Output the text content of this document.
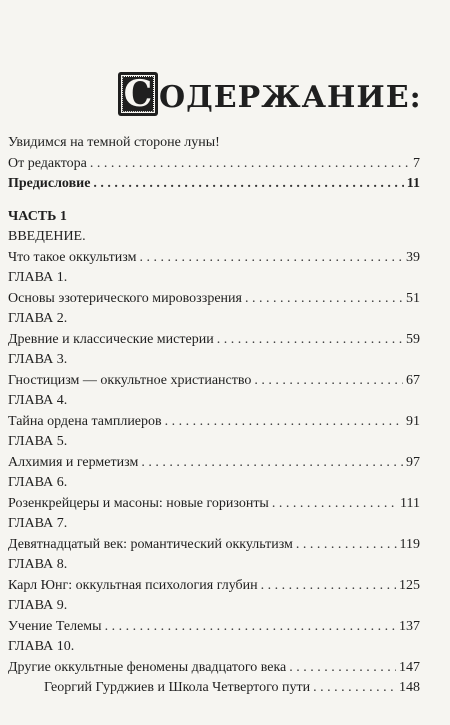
С ОДЕРЖАНИЕ:
Увидимся на темной стороне луны!
От редактора . . .	7
Предисловие . . .	11
ЧАСТЬ 1
ВВЕДЕНИЕ.
Что такое оккультизм . . .	39
ГЛАВА 1.
Основы эзотерического мировоззрения . . .	51
ГЛАВА 2.
Древние и классические мистерии . . .	59
ГЛАВА 3.
Гностицизм — оккультное христианство . . .	67
ГЛАВА 4.
Тайна ордена тамплиеров . . .	91
ГЛАВА 5.
Алхимия и герметизм . . .	97
ГЛАВА 6.
Розенкрейцеры и масоны: новые горизонты . . .	111
ГЛАВА 7.
Девятнадцатый век: романтический оккультизм . . .	119
ГЛАВА 8.
Карл Юнг: оккультная психология глубин . . .	125
ГЛАВА 9.
Учение Телемы . . .	137
ГЛАВА 10.
Другие оккультные феномены двадцатого века . . .	147
Георгий Гурджиев и Школа Четвертого пути . . .	148
